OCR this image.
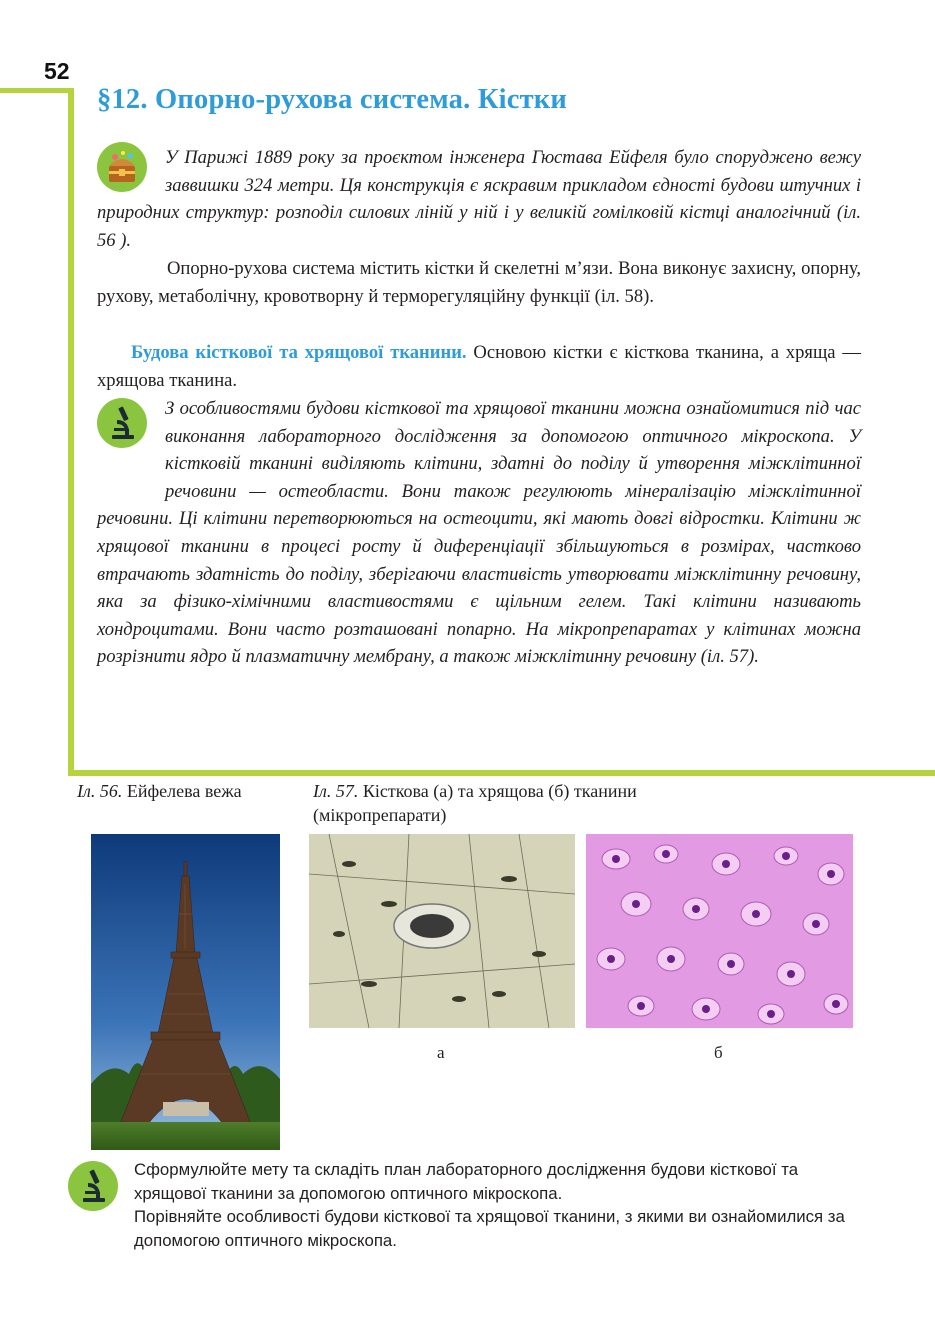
52
§12. Опорно-рухова система. Кістки

У Парижі 1889 року за проєктом інженера Гюстава Ейфеля було споруджено вежу заввишки 324 метри. Ця конструкція є яскравим прикладом єдності будови штучних і природних структур: розподіл силових ліній у ній і у великій гомілковій кістці аналогічний (іл. 56 ).

Опорно-рухова система містить кістки й скелетні м’язи. Вона виконує захисну, опорну, рухову, метаболічну, кровотворну й терморегуляційну функції (іл. 58).

Будова кісткової та хрящової тканини. Основою кістки є кісткова тканина, а хряща — хрящова тканина.

З особливостями будови кісткової та хрящової тканини можна ознайомитися під час виконання лабораторного дослідження за допомогою оптичного мікроскопа. У кістковій тканині виділяють клітини, здатні до поділу й утворення міжклітинної речовини — остеобласти. Вони також регулюють мінералізацію міжклітинної речовини. Ці клітини перетворюються на остеоцити, які мають довгі відростки. Клітини ж хрящової тканини в процесі росту й диференціації збільшуються в розмірах, частково втрачають здатність до поділу, зберігаючи властивість утворювати міжклітинну речовину, яка за фізико-хімічними властивостями є щільним гелем. Такі клітини називають хондроцитами. Вони часто розташовані попарно. На мікропрепаратах у клітинах можна розрізнити ядро й плазматичну мембрану, а також міжклітинну речовину (іл. 57).

Іл. 56. Ейфелева вежа	Іл. 57. Кісткова (а) та хрящова (б) тканини (мікропрепарати)
а	б

Сформулюйте мету та складіть план лабораторного дослідження будови кісткової та хрящової тканини за допомогою оптичного мікроскопа.

Порівняйте особливості будови кісткової та хрящової тканини, з якими ви ознайомилися за допомогою оптичного мікроскопа.
